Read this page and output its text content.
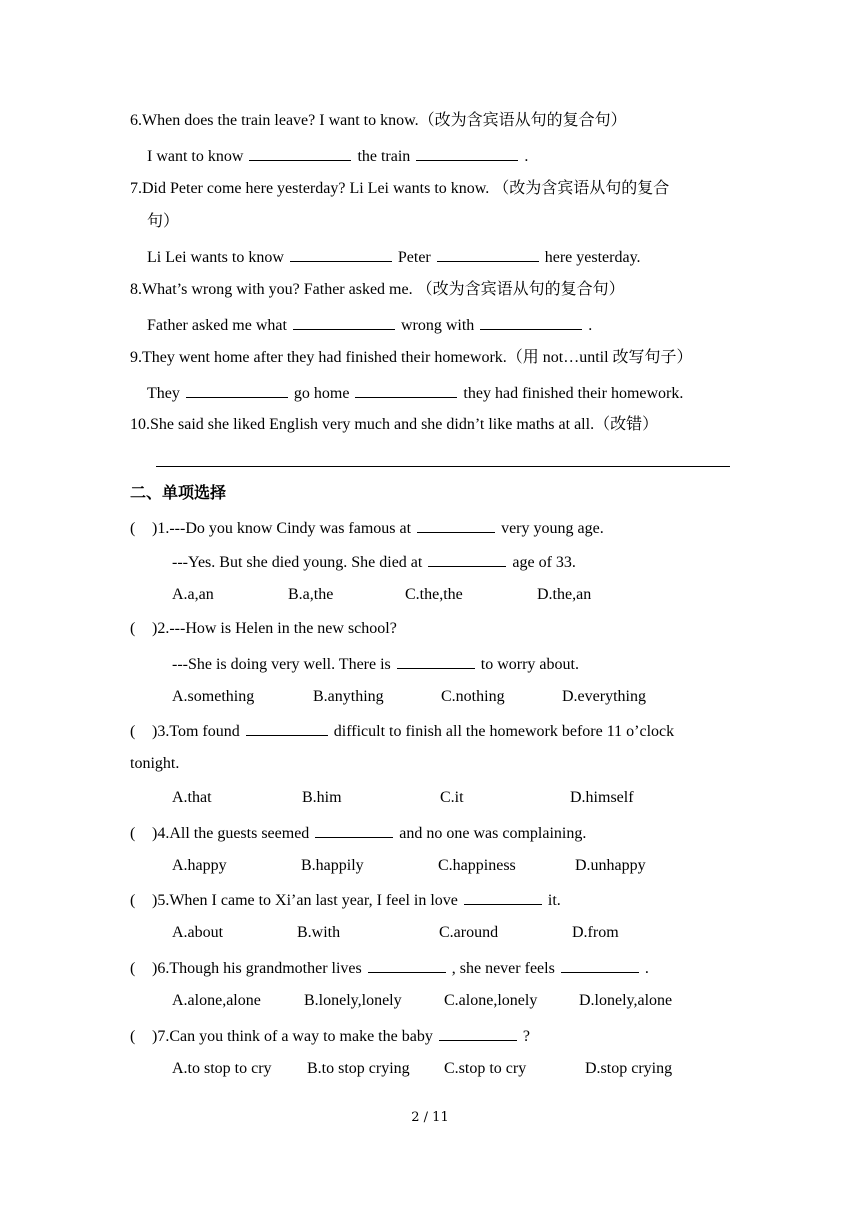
6.When does the train leave? I want to know.（改为含宾语从句的复合句）
I want to know	the train	.
7.Did Peter come here yesterday? Li Lei wants to know. （改为含宾语从句的复合
句）
Li Lei wants to know	Peter	here yesterday.
8.What’s wrong with you? Father asked me. （改为含宾语从句的复合句）
Father asked me what	wrong with	.
9.They went home after they had finished their homework.（用 not…until 改写句子）
They	go home	they had finished their homework.
10.She said she liked English very much and she didn’t like maths at all.（改错）
二、单项选择
( )1.---Do you know Cindy was famous at	very young age.
---Yes. But she died young. She died at	age of 33.
A.a,an	B.a,the	C.the,the	D.the,an
( )2.---How is Helen in the new school?
---She is doing very well. There is	to worry about.
A.something	B.anything	C.nothing	D.everything
( )3.Tom found	difficult to finish all the homework before 11 o’clock
tonight.
A.that	B.him	C.it	D.himself
( )4.All the guests seemed	and no one was complaining.
A.happy	B.happily	C.happiness	D.unhappy
( )5.When I came to Xi’an last year, I feel in love	it.
A.about	B.with	C.around	D.from
( )6.Though his grandmother lives	, she never feels	.
A.alone,alone	B.lonely,lonely	C.alone,lonely	D.lonely,alone
( )7.Can you think of a way to make the baby	?
A.to stop to cry B.to stop crying C.stop to cry	D.stop crying
2 / 11
